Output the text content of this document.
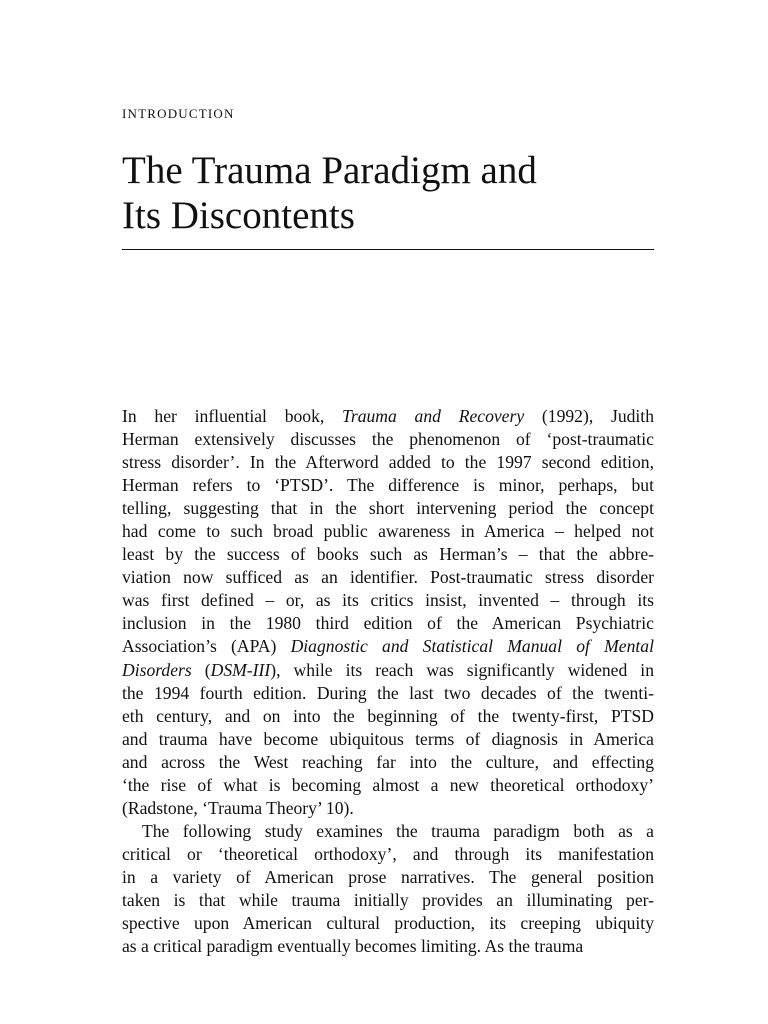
INTRODUCTION
The Trauma Paradigm and
Its Discontents
In her influential book, Trauma and Recovery (1992), Judith
Herman extensively discusses the phenomenon of ‘post-traumatic
stress disorder’. In the Afterword added to the 1997 second edition,
Herman refers to ‘PTSD’. The difference is minor, perhaps, but
telling, suggesting that in the short intervening period the concept
had come to such broad public awareness in America – helped not
least by the success of books such as Herman’s – that the abbre-
viation now sufficed as an identifier. Post-traumatic stress disorder
was first defined – or, as its critics insist, invented – through its
inclusion in the 1980 third edition of the American Psychiatric
Association’s (APA) Diagnostic and Statistical Manual of Mental
Disorders (DSM-III), while its reach was significantly widened in
the 1994 fourth edition. During the last two decades of the twenti-
eth century, and on into the beginning of the twenty-first, PTSD
and trauma have become ubiquitous terms of diagnosis in America
and across the West reaching far into the culture, and effecting
‘the rise of what is becoming almost a new theoretical orthodoxy’
(Radstone, ‘Trauma Theory’ 10).
The following study examines the trauma paradigm both as a
critical or ‘theoretical orthodoxy’, and through its manifestation
in a variety of American prose narratives. The general position
taken is that while trauma initially provides an illuminating per-
spective upon American cultural production, its creeping ubiquity
as a critical paradigm eventually becomes limiting. As the trauma
